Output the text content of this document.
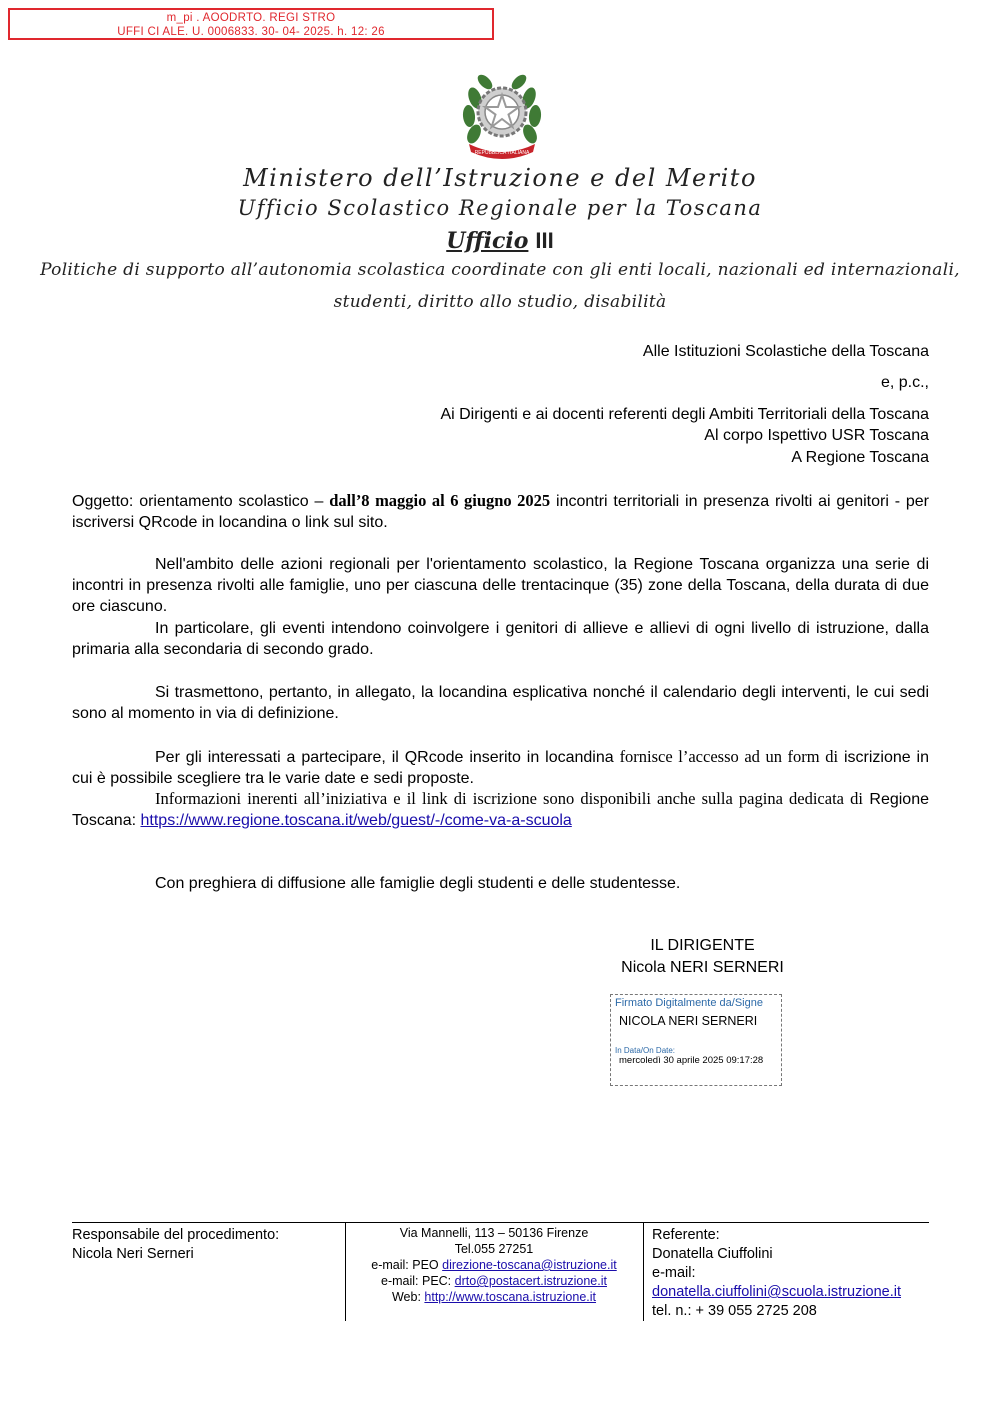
m_pi . AOODRTO. REGI STRO
UFFI CI ALE. U. 0006833. 30- 04- 2025. h. 12: 26
REPUBBLICA ITALIANA
Ministero dell’Istruzione e del Merito
Ufficio Scolastico Regionale per la Toscana
Ufficio III
Politiche di supporto all’autonomia scolastica coordinate con gli enti locali, nazionali ed internazionali,
studenti, diritto allo studio, disabilità
Alle Istituzioni Scolastiche della Toscana
e, p.c.,
Ai Dirigenti e ai docenti referenti degli Ambiti Territoriali della Toscana
Al corpo Ispettivo USR Toscana
A Regione Toscana
Oggetto: orientamento scolastico – dall’8 maggio al 6 giugno 2025 incontri territoriali in presenza rivolti ai genitori - per iscriversi QRcode in locandina o link sul sito.
Nell'ambito delle azioni regionali per l'orientamento scolastico, la Regione Toscana organizza una serie di incontri in presenza rivolti alle famiglie, uno per ciascuna delle trentacinque (35) zone della Toscana, della durata di due ore ciascuno.
In particolare, gli eventi intendono coinvolgere i genitori di allieve e allievi di ogni livello di istruzione, dalla primaria alla secondaria di secondo grado.
Si trasmettono, pertanto, in allegato, la locandina esplicativa nonché il calendario degli interventi, le cui sedi sono al momento in via di definizione.
Per gli interessati a partecipare, il QRcode inserito in locandina fornisce l’accesso ad un form di iscrizione in cui è possibile scegliere tra le varie date e sedi proposte.
Informazioni inerenti all’iniziativa e il link di iscrizione sono disponibili anche sulla pagina dedicata di Regione Toscana: https://www.regione.toscana.it/web/guest/-/come-va-a-scuola
Con preghiera di diffusione alle famiglie degli studenti e delle studentesse.
IL DIRIGENTE
Nicola NERI SERNERI
Firmato Digitalmente da/Signe
NICOLA NERI SERNERI
In Data/On Date:
mercoledì 30 aprile 2025 09:17:28
Responsabile del procedimento:
Nicola Neri Serneri
Via Mannelli, 113 – 50136 Firenze
Tel.055 27251
e-mail: PEO direzione-toscana@istruzione.it
e-mail: PEC: drto@postacert.istruzione.it
Web: http://www.toscana.istruzione.it
Referente:
Donatella Ciuffolini
e-mail:
donatella.ciuffolini@scuola.istruzione.it
tel. n.: + 39 055 2725 208
